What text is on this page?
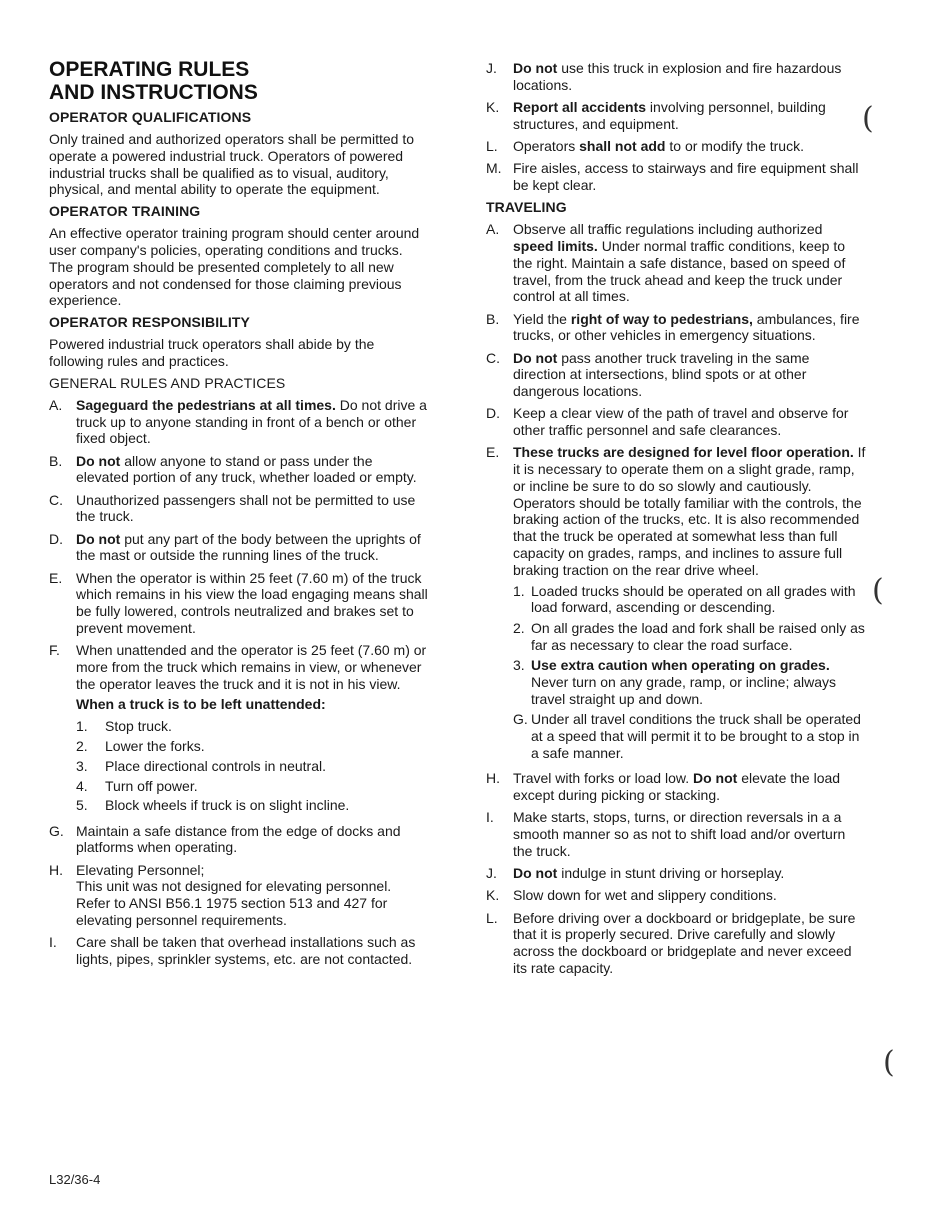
OPERATING RULES
AND INSTRUCTIONS
OPERATOR QUALIFICATIONS

Only trained and authorized operators shall be permitted to operate a powered industrial truck. Operators of powered industrial trucks shall be qualified as to visual, auditory, physical, and mental ability to operate the equipment.

OPERATOR TRAINING

An effective operator training program should center around user company's policies, operating conditions and trucks. The program should be presented completely to all new operators and not condensed for those claiming previous experience.

OPERATOR RESPONSIBILITY

Powered industrial truck operators shall abide by the following rules and practices.

GENERAL RULES AND PRACTICES
A. Sageguard the pedestrians at all times. Do not drive a truck up to anyone standing in front of a bench or other fixed object.
B. Do not allow anyone to stand or pass under the elevated portion of any truck, whether loaded or empty.
C. Unauthorized passengers shall not be permitted to use the truck.
D. Do not put any part of the body between the uprights of the mast or outside the running lines of the truck.
E. When the operator is within 25 feet (7.60 m) of the truck which remains in his view the load engaging means shall be fully lowered, controls neutralized and brakes set to prevent movement.
F.	When unattended and the operator is 25 feet (7.60 m) or more from the truck which remains in view, or whenever the operator leaves the truck and it is not in his view.
When a truck is to be left unattended:
1.	Stop truck.
2.	Lower the forks.
3.	Place directional controls in neutral.
4.	Turn off power.
5.	Block wheels if truck is on slight incline.
G. Maintain a safe distance from the edge of docks and platforms when operating.
H. Elevating Personnel;
This unit was not designed for elevating personnel. Refer to ANSI B56.1 1975 section 513 and 427 for elevating personnel requirements.
I.	Care shall be taken that overhead installations such as lights, pipes, sprinkler systems, etc. are not contacted.
J.	Do not use this truck in explosion and fire hazardous locations.
K. Report all accidents involving personnel, building structures, and equipment.
L.	Operators shall not add to or modify the truck.
M. Fire aisles, access to stairways and fire equipment shall be kept clear.
TRAVELING
A. Observe all traffic regulations including authorized speed limits. Under normal traffic conditions, keep to the right. Maintain a safe distance, based on speed of travel, from the truck ahead and keep the truck under control at all times.
B. Yield the right of way to pedestrians, ambulances, fire trucks, or other vehicles in emergency situations.
C. Do not pass another truck traveling in the same direction at intersections, blind spots or at other dangerous locations.
D. Keep a clear view of the path of travel and observe for other traffic personnel and safe clearances.
E. These trucks are designed for level floor operation. If it is necessary to operate them on a slight grade, ramp, or incline be sure to do so slowly and cautiously. Operators should be totally familiar with the controls, the braking action of the trucks, etc. It is also recommended that the truck be operated at somewhat less than full capacity on grades, ramps, and inclines to assure full braking traction on the rear drive wheel.
1. Loaded trucks should be operated on all grades with load forward, ascending or descending.
2. On all grades the load and fork shall be raised only as far as necessary to clear the road surface.
3. Use extra caution when operating on grades. Never turn on any grade, ramp, or incline; always travel straight up and down.
G. Under all travel conditions the truck shall be operated at a speed that will permit it to be brought to a stop in a safe manner.
H. Travel with forks or load low. Do not elevate the load except during picking or stacking.
I.	Make starts, stops, turns, or direction reversals in a a smooth manner so as not to shift load and/or overturn the truck.
J.	Do not indulge in stunt driving or horseplay.
K. Slow down for wet and slippery conditions.
L.	Before driving over a dockboard or bridgeplate, be sure that it is properly secured. Drive carefully and slowly across the dockboard or bridgeplate and never exceed its rate capacity.
(
(
(
L32/36-4
